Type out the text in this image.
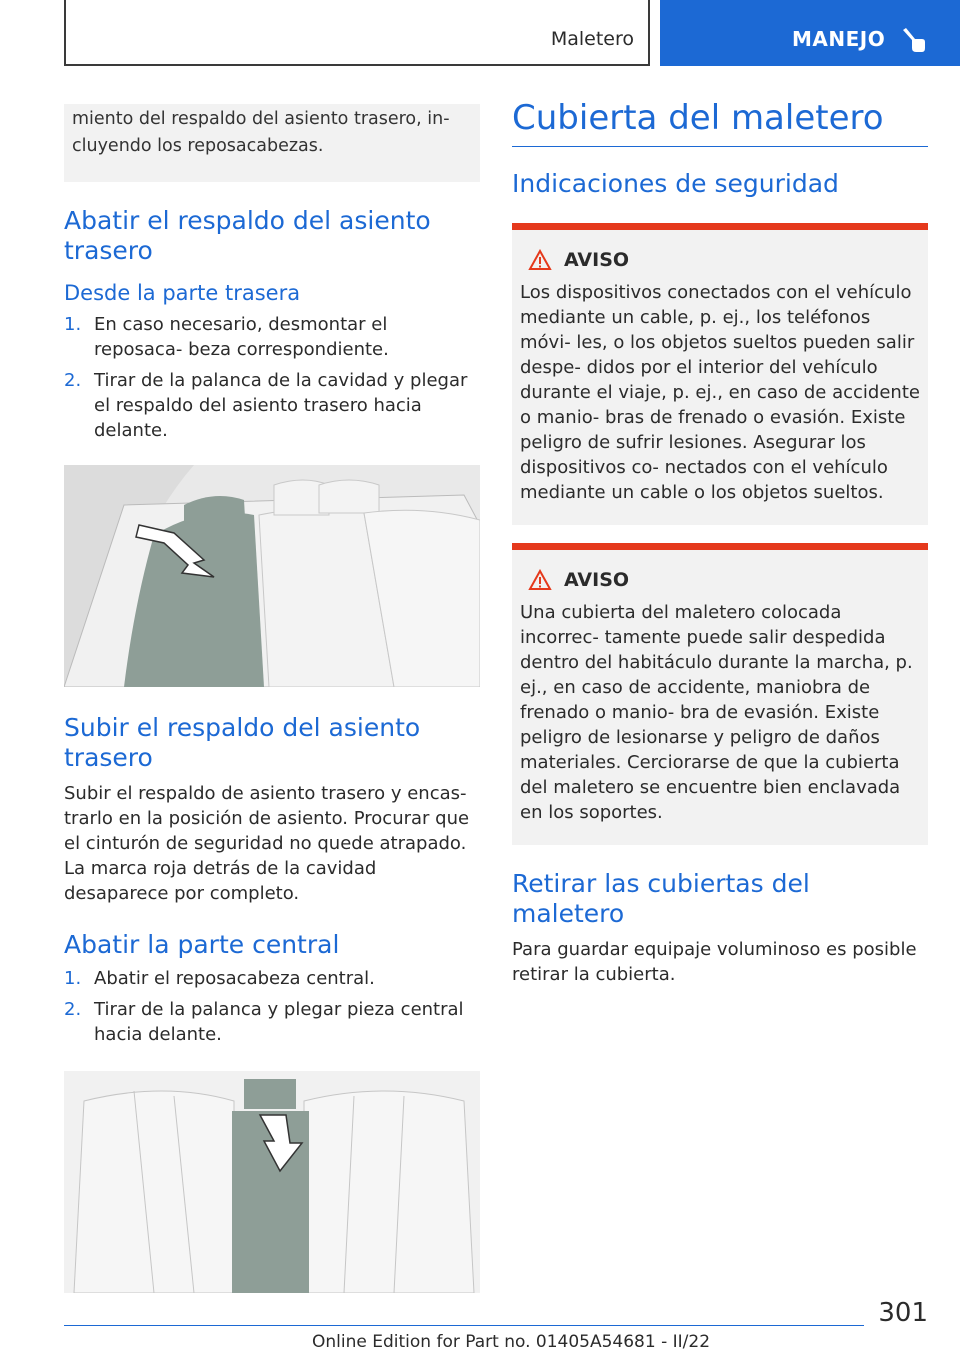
Maletero	MANEJO
miento del respaldo del asiento trasero, in‐ cluyendo los reposacabezas.
Abatir el respaldo del asiento trasero
Desde la parte trasera
1. En caso necesario, desmontar el reposaca‐ beza correspondiente.
2. Tirar de la palanca de la cavidad y plegar el respaldo del asiento trasero hacia delante.
Subir el respaldo del asiento trasero

Subir el respaldo de asiento trasero y encas‐ trarlo en la posición de asiento. Procurar que el cinturón de seguridad no quede atrapado. La marca roja detrás de la cavidad desaparece por completo.

Abatir la parte central
1. Abatir el reposacabeza central.
2. Tirar de la palanca y plegar pieza central hacia delante.
Cubierta del maletero
Indicaciones de seguridad
AVISO

Los dispositivos conectados con el vehículo mediante un cable, p. ej., los teléfonos móvi‐ les, o los objetos sueltos pueden salir despe‐ didos por el interior del vehículo durante el viaje, p. ej., en caso de accidente o manio‐ bras de frenado o evasión. Existe peligro de sufrir lesiones. Asegurar los dispositivos co‐ nectados con el vehículo mediante un cable o los objetos sueltos.

AVISO

Una cubierta del maletero colocada incorrec‐ tamente puede salir despedida dentro del habitáculo durante la marcha, p. ej., en caso de accidente, maniobra de frenado o manio‐ bra de evasión. Existe peligro de lesionarse y peligro de daños materiales. Cerciorarse de que la cubierta del maletero se encuentre bien enclavada en los soportes.

Retirar las cubiertas del maletero

Para guardar equipaje voluminoso es posible retirar la cubierta.

301
Online Edition for Part no. 01405A54681 - II/22
